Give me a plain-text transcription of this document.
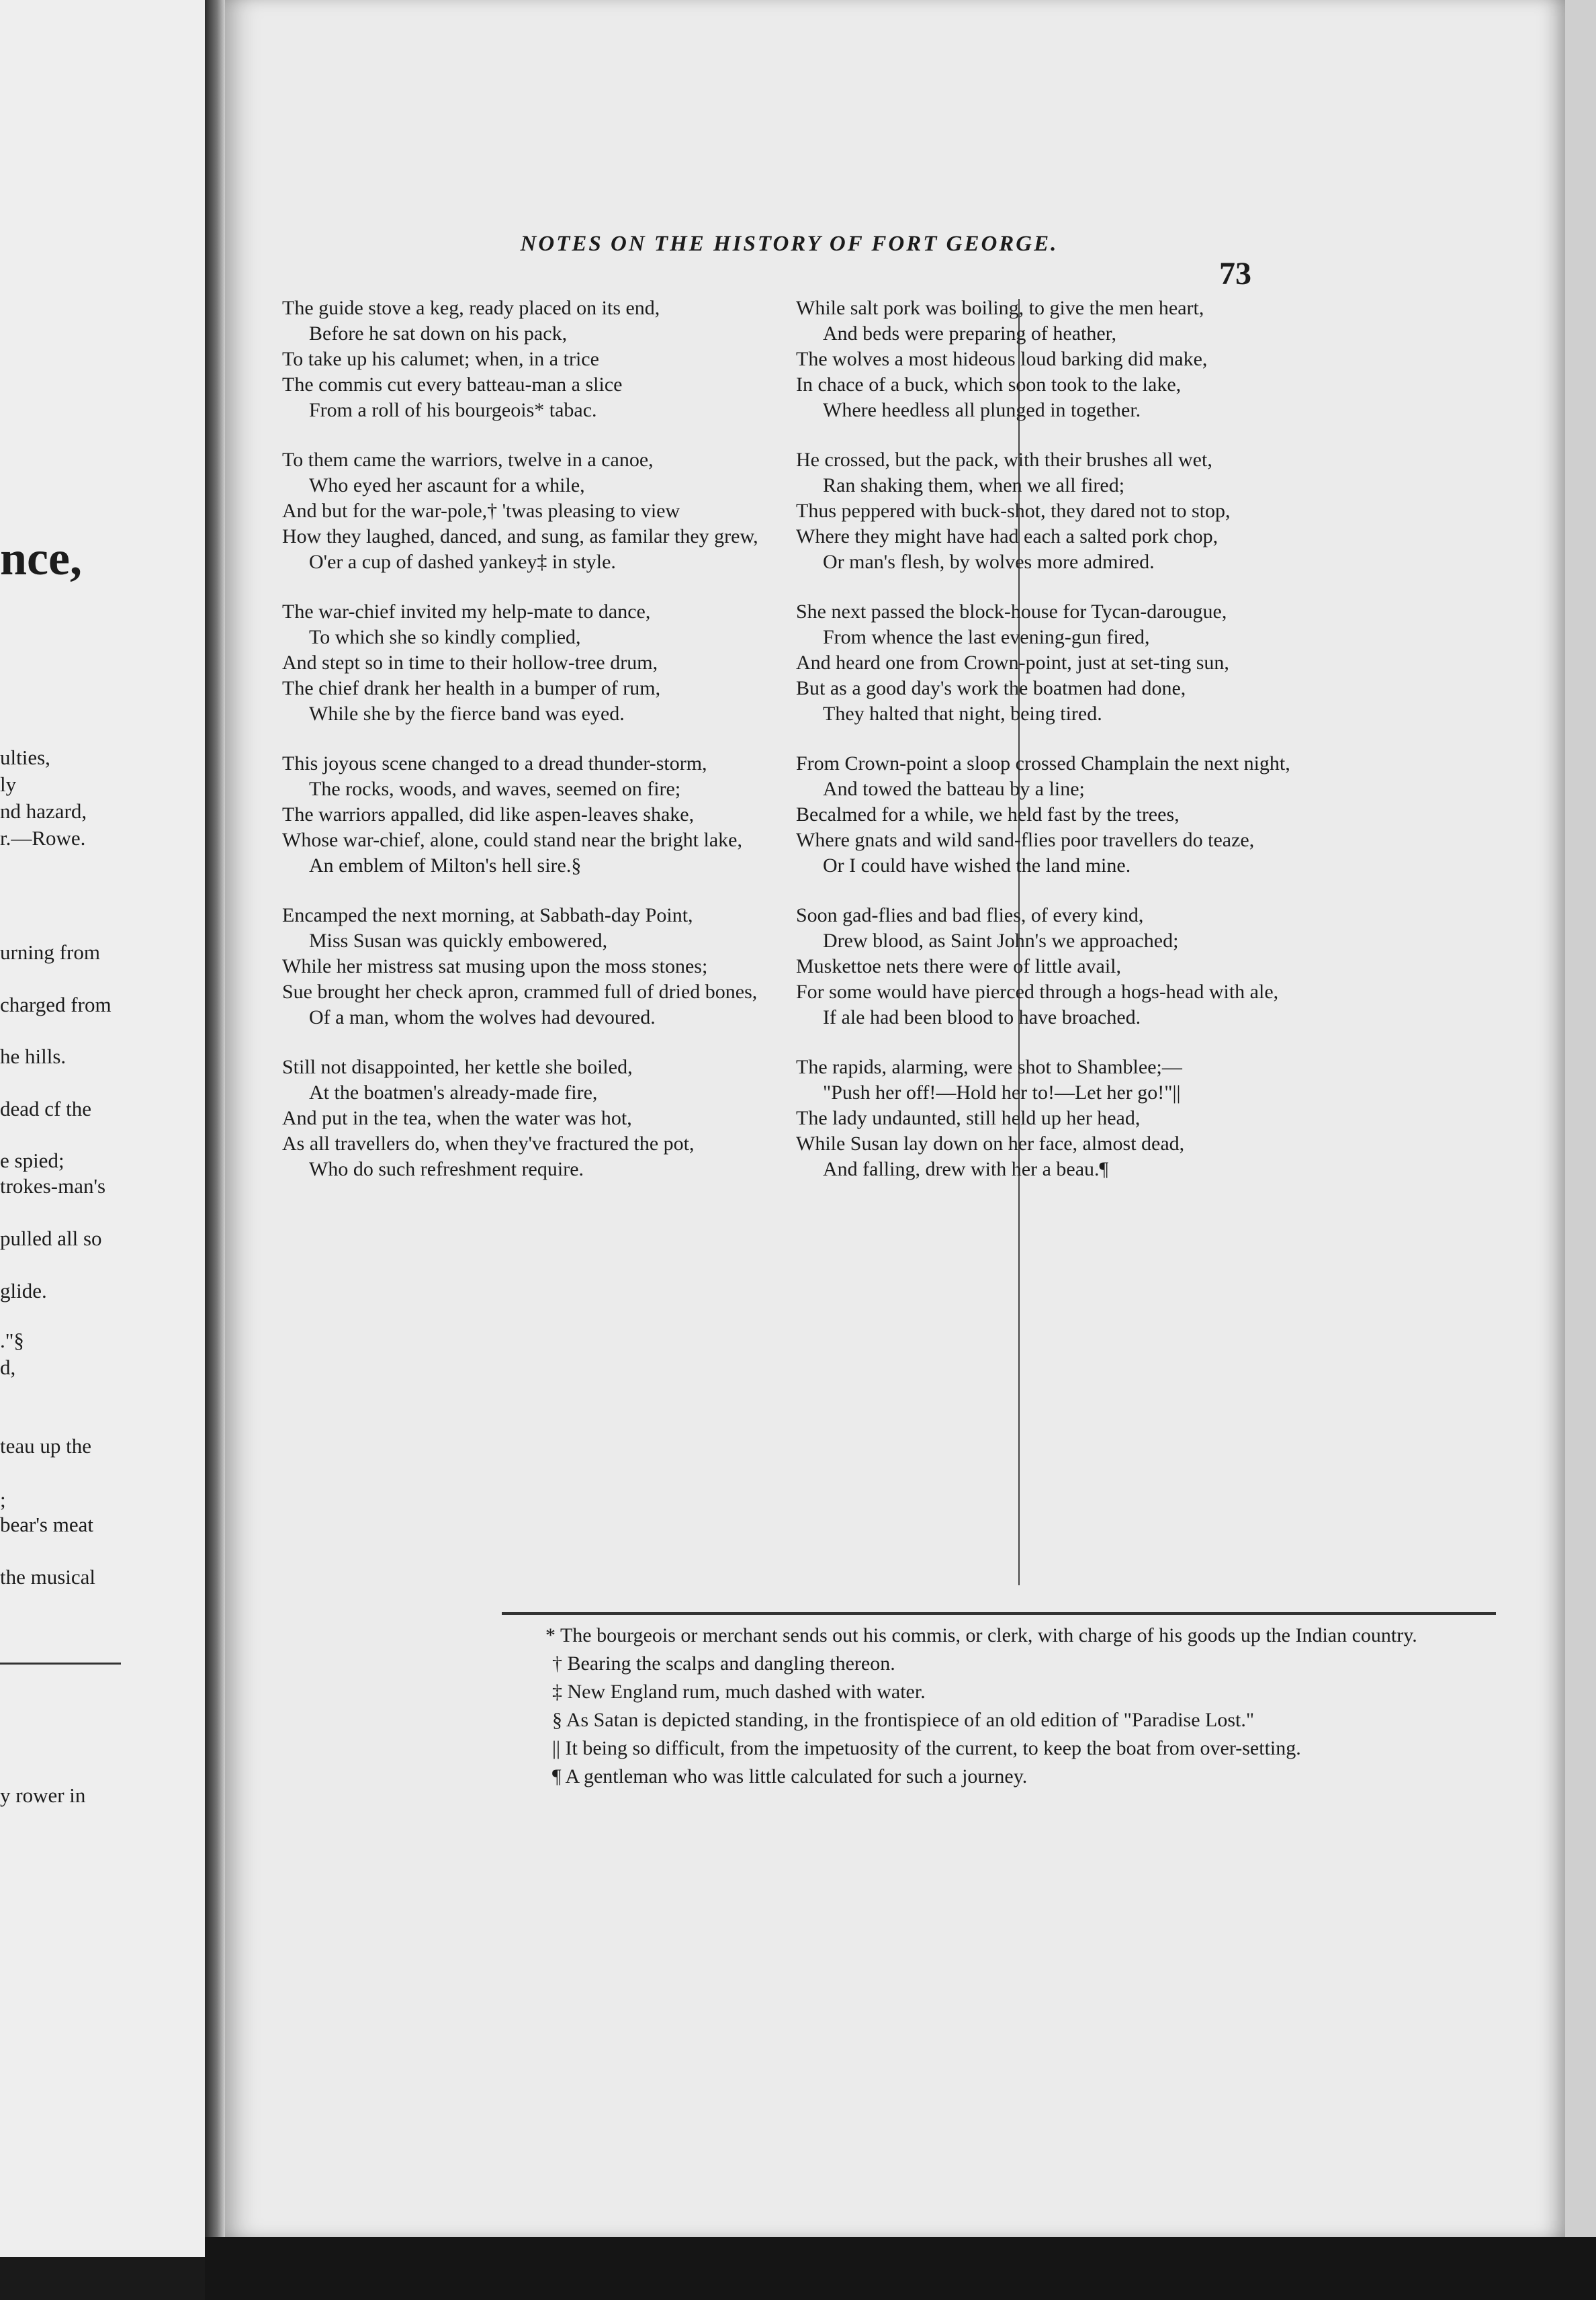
nce,
ulties,
ly
nd hazard,
r.—Rowe.
urning from
charged from
he hills.
dead cf the
e spied;
trokes-man's
pulled all so
glide.
."§
d,
teau up the
;
bear's meat
the musical
y rower in
NOTES ON THE HISTORY OF FORT GEORGE.
73
The guide stove a keg, ready placed on its end,
Before he sat down on his pack,
To take up his calumet; when, in a trice
The commis cut every batteau-man a slice
From a roll of his bourgeois* tabac.
To them came the warriors, twelve in a canoe,
Who eyed her ascaunt for a while,
And but for the war-pole,† 'twas pleasing to view
How they laughed, danced, and sung, as familar they grew,
O'er a cup of dashed yankey‡ in style.
The war-chief invited my help-mate to dance,
To which she so kindly complied,
And stept so in time to their hollow-tree drum,
The chief drank her health in a bumper of rum,
While she by the fierce band was eyed.
This joyous scene changed to a dread thunder-storm,
The rocks, woods, and waves, seemed on fire;
The warriors appalled, did like aspen-leaves shake,
Whose war-chief, alone, could stand near the bright lake,
An emblem of Milton's hell sire.§
Encamped the next morning, at Sabbath-day Point,
Miss Susan was quickly embowered,
While her mistress sat musing upon the moss stones;
Sue brought her check apron, crammed full of dried bones,
Of a man, whom the wolves had devoured.
Still not disappointed, her kettle she boiled,
At the boatmen's already-made fire,
And put in the tea, when the water was hot,
As all travellers do, when they've fractured the pot,
Who do such refreshment require.
While salt pork was boiling, to give the men heart,
And beds were preparing of heather,
The wolves a most hideous loud barking did make,
In chace of a buck, which soon took to the lake,
Where heedless all plunged in together.
He crossed, but the pack, with their brushes all wet,
Ran shaking them, when we all fired;
Thus peppered with buck-shot, they dared not to stop,
Where they might have had each a salted pork chop,
Or man's flesh, by wolves more admired.
She next passed the block-house for Tycan-darougue,
From whence the last evening-gun fired,
And heard one from Crown-point, just at set-ting sun,
But as a good day's work the boatmen had done,
They halted that night, being tired.
From Crown-point a sloop crossed Champlain the next night,
And towed the batteau by a line;
Becalmed for a while, we held fast by the trees,
Where gnats and wild sand-flies poor travellers do teaze,
Or I could have wished the land mine.
Soon gad-flies and bad flies, of every kind,
Drew blood, as Saint John's we approached;
Muskettoe nets there were of little avail,
For some would have pierced through a hogs-head with ale,
If ale had been blood to have broached.
The rapids, alarming, were shot to Shamblee;—
"Push her off!—Hold her to!—Let her go!"||
The lady undaunted, still held up her head,
While Susan lay down on her face, almost dead,
And falling, drew with her a beau.¶
* The bourgeois or merchant sends out his commis, or clerk, with charge of his goods up the Indian country.
† Bearing the scalps and dangling thereon.
‡ New England rum, much dashed with water.
§ As Satan is depicted standing, in the frontispiece of an old edition of "Paradise Lost."
|| It being so difficult, from the impetuosity of the current, to keep the boat from over-setting.
¶ A gentleman who was little calculated for such a journey.
